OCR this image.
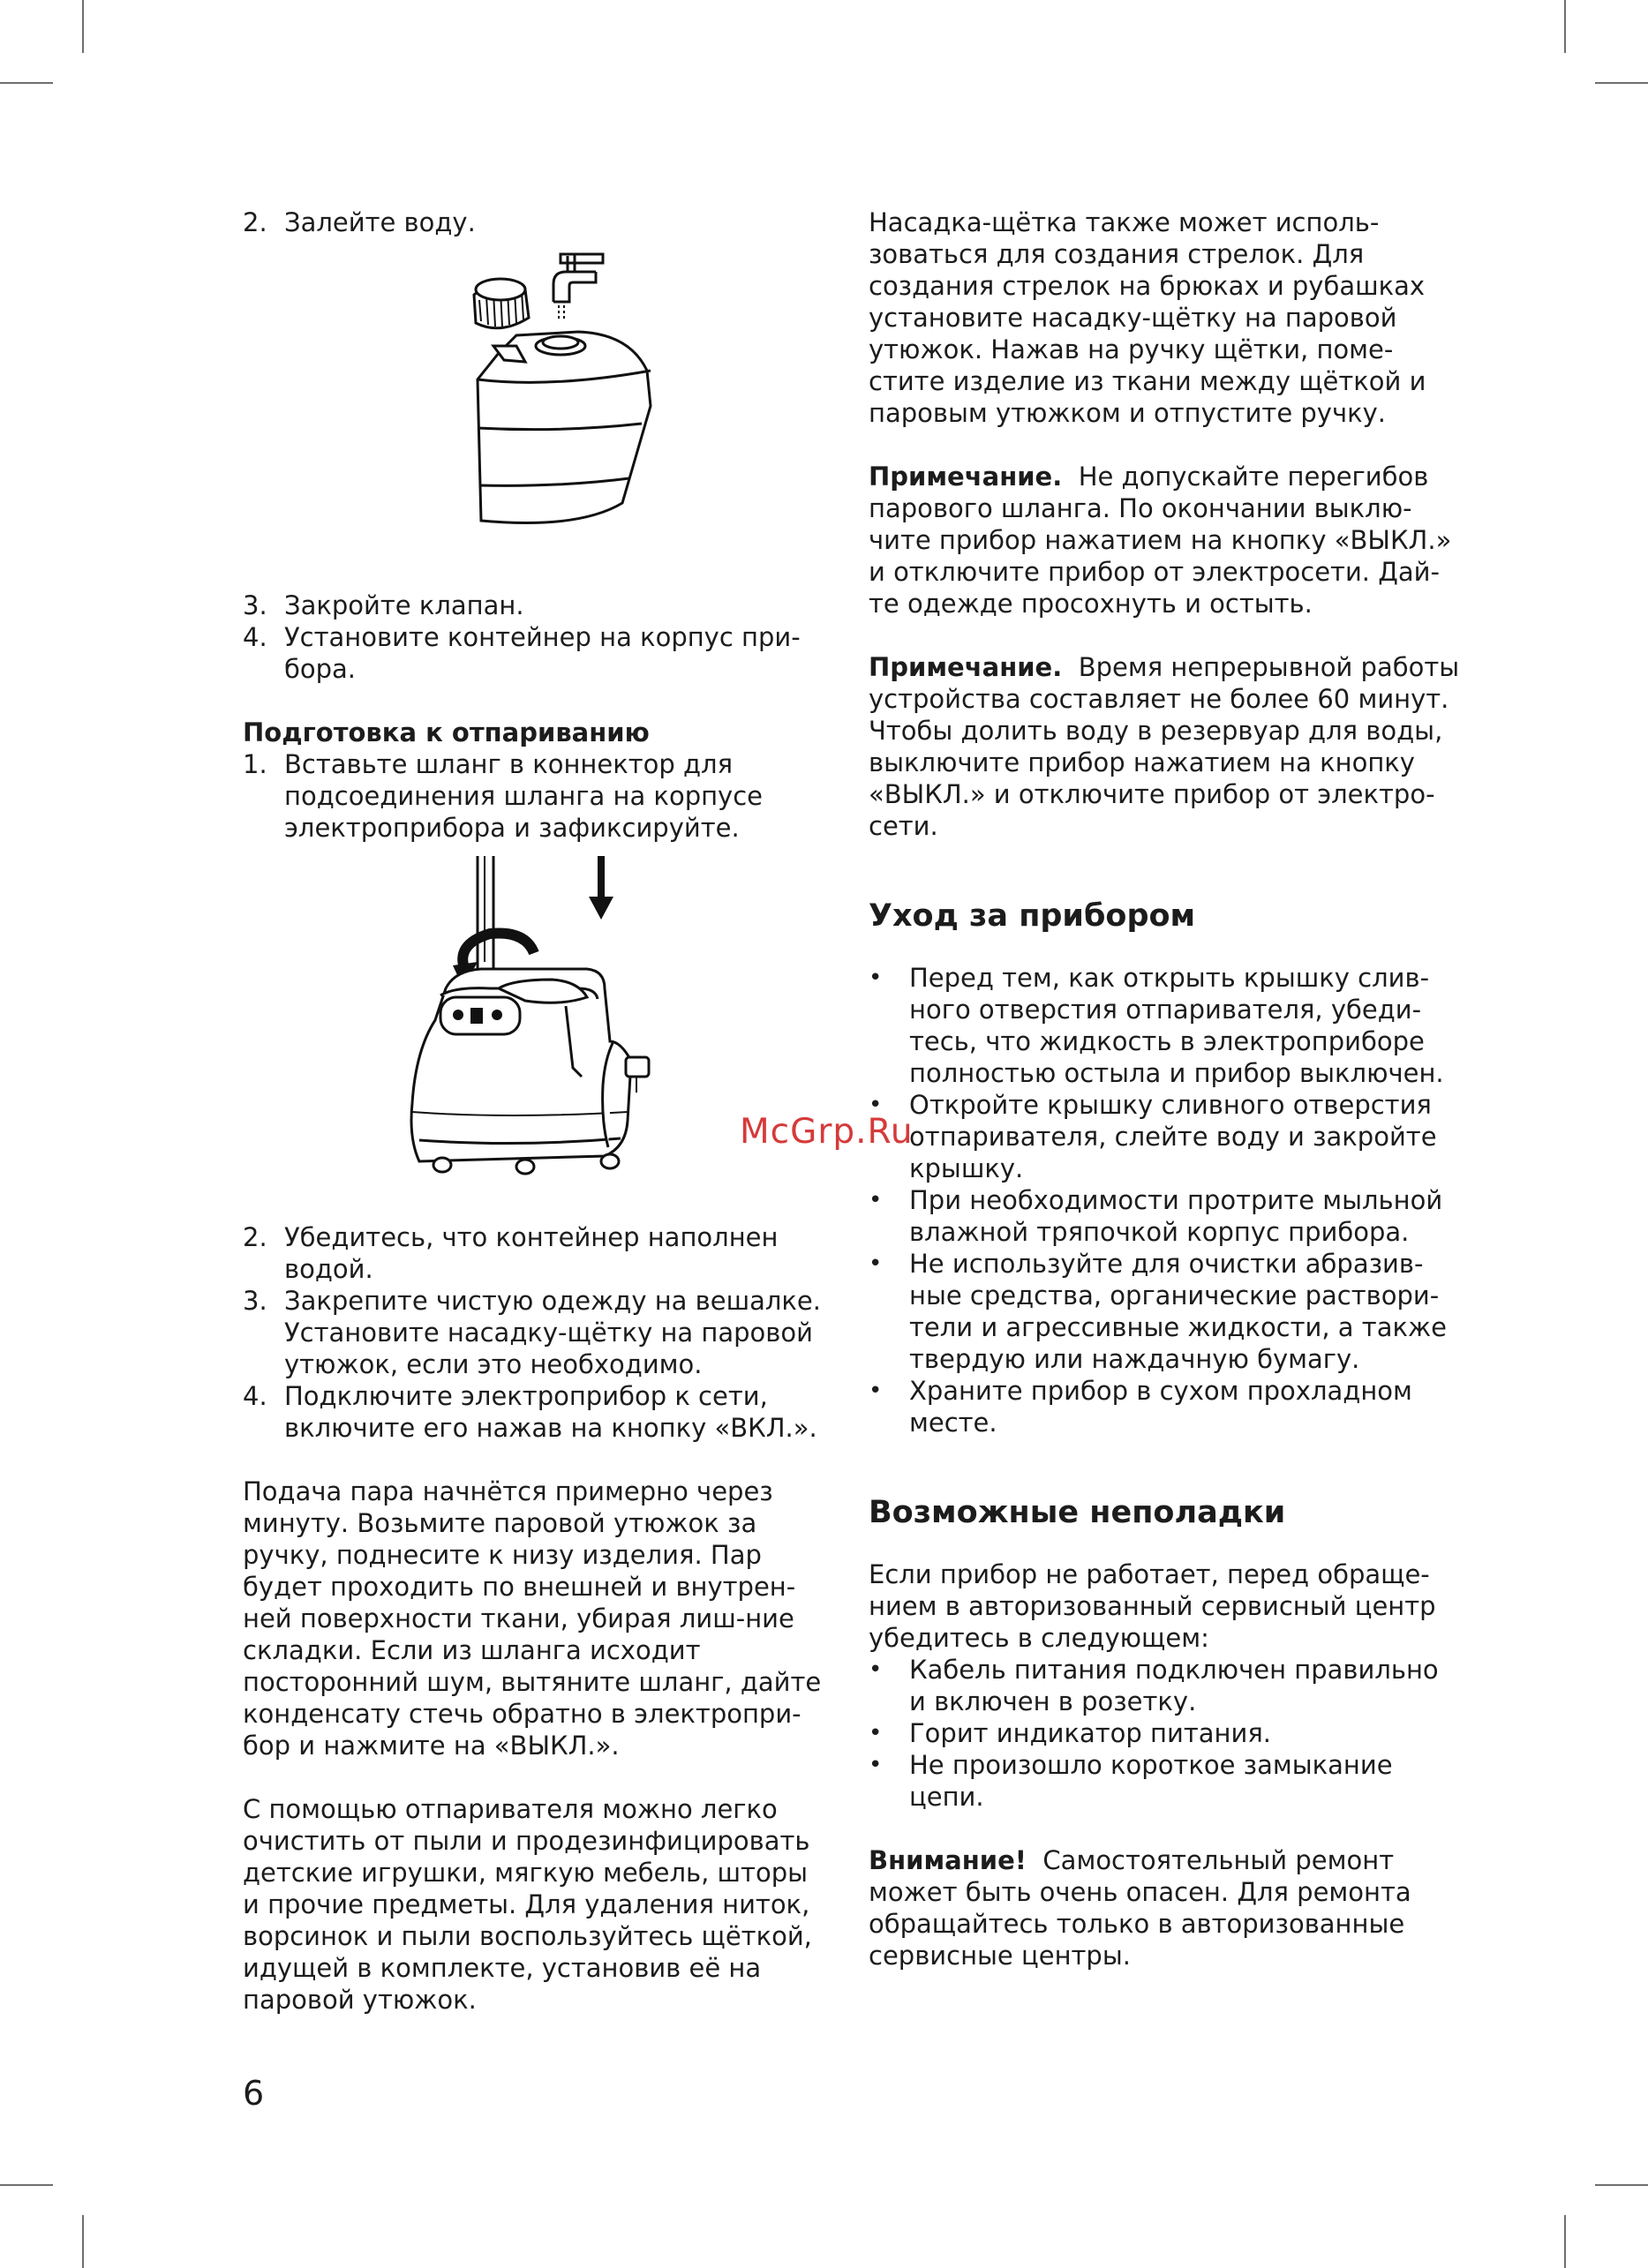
2. Залейте воду.
3. Закройте клапан.
4. Установите контейнер на корпус при-бора.

Подготовка к отпариванию

1. Вставьте шланг в коннектор для подсоединения шланга на корпусе электроприбора и зафиксируйте.
2. Убедитесь, что контейнер наполнен водой.
3. Закрепите чистую одежду на вешалке. Установите насадку-щётку на паровой утюжок, если это необходимо.
4. Подключите электроприбор к сети, включите его нажав на кнопку «ВКЛ.».

Подача пара начнётся примерно через минуту. Возьмите паровой утюжок за ручку, поднесите к низу изделия. Пар будет проходить по внешней и внутрен-ней поверхности ткани, убирая лиш-ние складки. Если из шланга исходит посторонний шум, вытяните шланг, дайте конденсату стечь обратно в электропри-бор и нажмите на «ВЫКЛ.».

С помощью отпаривателя можно легко очистить от пыли и продезинфицировать детские игрушки, мягкую мебель, шторы и прочие предметы. Для удаления ниток, ворсинок и пыли воспользуйтесь щёткой, идущей в комплекте, установив её на паровой утюжок.

Насадка-щётка также может исполь-зоваться для создания стрелок. Для создания стрелок на брюках и рубашках установите насадку-щётку на паровой утюжок. Нажав на ручку щётки, поме-стите изделие из ткани между щёткой и паровым утюжком и отпустите ручку.

Примечание. Не допускайте перегибов парового шланга. По окончании выклю-чите прибор нажатием на кнопку «ВЫКЛ.» и отключите прибор от электросети. Дай-те одежде просохнуть и остыть.

Примечание. Время непрерывной работы устройства составляет не более 60 минут. Чтобы долить воду в резервуар для воды, выключите прибор нажатием на кнопку «ВЫКЛ.» и отключите прибор от электро-сети.

Уход за прибором

•	Перед тем, как открыть крышку слив-ного отверстия отпаривателя, убеди-тесь, что жидкость в электроприборе полностью остыла и прибор выключен.
•	Откройте крышку сливного отверстия отпаривателя, слейте воду и закройте крышку.
•	При необходимости протрите мыльной влажной тряпочкой корпус прибора.
•	Не используйте для очистки абразив-ные средства, органические раствори-тели и агрессивные жидкости, а также твердую или наждачную бумагу.
•	Храните прибор в сухом прохладном месте.

Возможные неполадки

Если прибор не работает, перед обраще-нием в авторизованный сервисный центр убедитесь в следующем:

•	Кабель питания подключен правильно и включен в розетку.
•	Горит индикатор питания.
•	Не произошло короткое замыкание цепи.

Внимание! Самостоятельный ремонт может быть очень опасен. Для ремонта обращайтесь только в авторизованные сервисные центры.

McGrp.Ru
6
